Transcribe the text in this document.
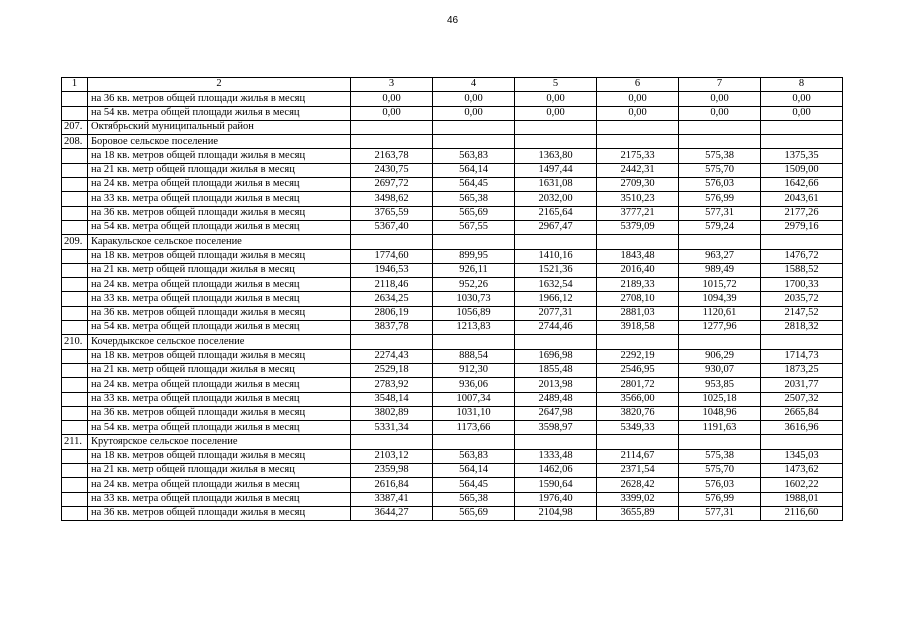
46
1	2	3	4	5	6	7	8
	на 36 кв. метров общей площади жилья в месяц	0,00	0,00	0,00	0,00	0,00	0,00
	на 54 кв. метра общей площади жилья в месяц	0,00	0,00	0,00	0,00	0,00	0,00
207.	Октябрьский муниципальный район						
208.	Боровое сельское поселение						
	на 18 кв. метров общей площади жилья в месяц	2163,78	563,83	1363,80	2175,33	575,38	1375,35
	на 21 кв. метр общей площади жилья в месяц	2430,75	564,14	1497,44	2442,31	575,70	1509,00
	на 24 кв. метра общей площади жилья в месяц	2697,72	564,45	1631,08	2709,30	576,03	1642,66
	на 33 кв. метра общей площади жилья в месяц	3498,62	565,38	2032,00	3510,23	576,99	2043,61
	на 36 кв. метров общей площади жилья в месяц	3765,59	565,69	2165,64	3777,21	577,31	2177,26
	на 54 кв. метра общей площади жилья в месяц	5367,40	567,55	2967,47	5379,09	579,24	2979,16
209.	Каракульское сельское поселение						
	на 18 кв. метров общей площади жилья в месяц	1774,60	899,95	1410,16	1843,48	963,27	1476,72
	на 21 кв. метр общей площади жилья в месяц	1946,53	926,11	1521,36	2016,40	989,49	1588,52
	на 24 кв. метра общей площади жилья в месяц	2118,46	952,26	1632,54	2189,33	1015,72	1700,33
	на 33 кв. метра общей площади жилья в месяц	2634,25	1030,73	1966,12	2708,10	1094,39	2035,72
	на 36 кв. метров общей площади жилья в месяц	2806,19	1056,89	2077,31	2881,03	1120,61	2147,52
	на 54 кв. метра общей площади жилья в месяц	3837,78	1213,83	2744,46	3918,58	1277,96	2818,32
210.	Кочердыкское сельское поселение						
	на 18 кв. метров общей площади жилья в месяц	2274,43	888,54	1696,98	2292,19	906,29	1714,73
	на 21 кв. метр общей площади жилья в месяц	2529,18	912,30	1855,48	2546,95	930,07	1873,25
	на 24 кв. метра общей площади жилья в месяц	2783,92	936,06	2013,98	2801,72	953,85	2031,77
	на 33 кв. метра общей площади жилья в месяц	3548,14	1007,34	2489,48	3566,00	1025,18	2507,32
	на 36 кв. метров общей площади жилья в месяц	3802,89	1031,10	2647,98	3820,76	1048,96	2665,84
	на 54 кв. метра общей площади жилья в месяц	5331,34	1173,66	3598,97	5349,33	1191,63	3616,96
211.	Крутоярское сельское поселение						
	на 18 кв. метров общей площади жилья в месяц	2103,12	563,83	1333,48	2114,67	575,38	1345,03
	на 21 кв. метр общей площади жилья в месяц	2359,98	564,14	1462,06	2371,54	575,70	1473,62
	на 24 кв. метра общей площади жилья в месяц	2616,84	564,45	1590,64	2628,42	576,03	1602,22
	на 33 кв. метра общей площади жилья в месяц	3387,41	565,38	1976,40	3399,02	576,99	1988,01
	на 36 кв. метров общей площади жилья в месяц	3644,27	565,69	2104,98	3655,89	577,31	2116,60
